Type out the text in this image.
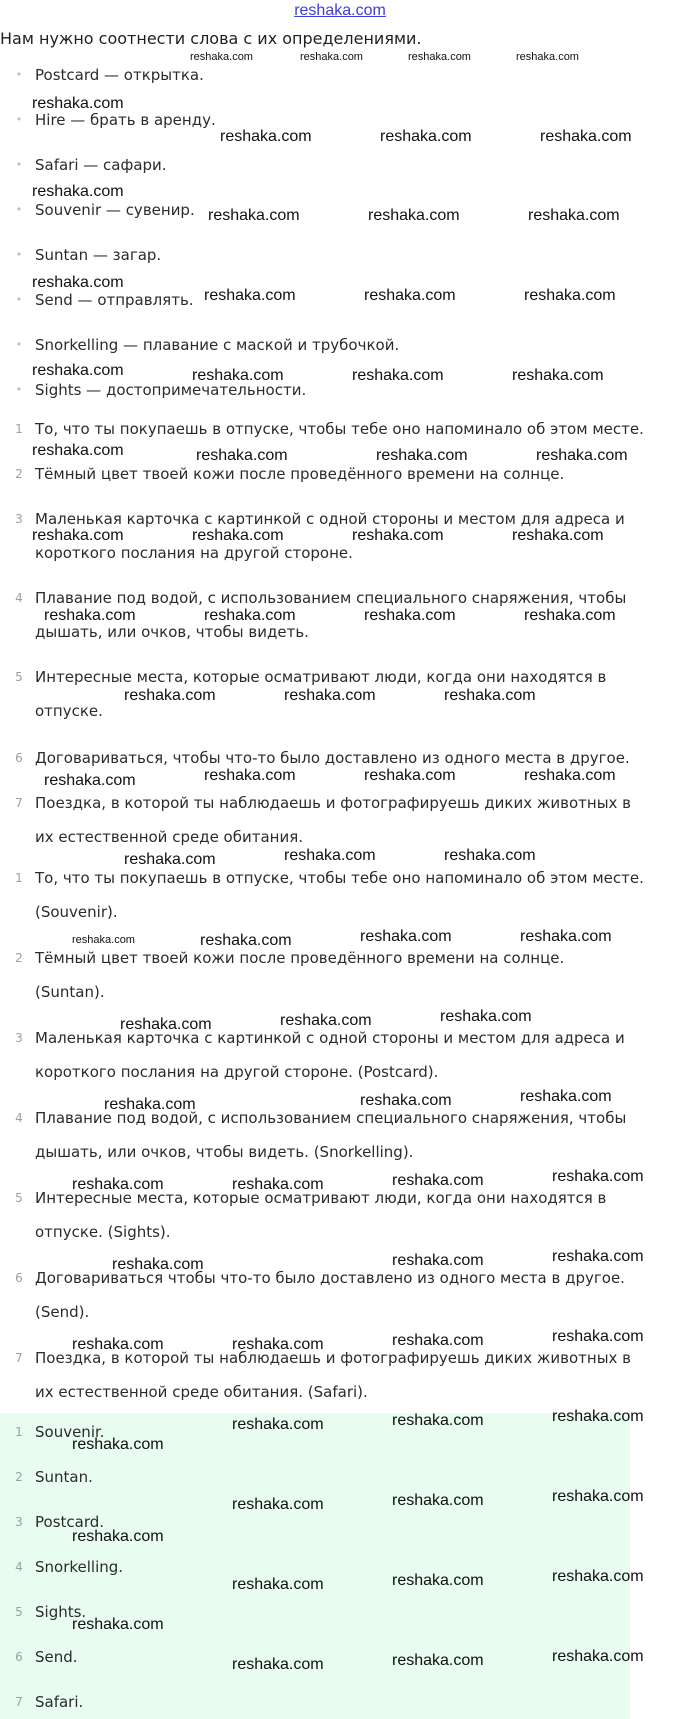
reshaka.com
Нам нужно соотнести слова с их определениями.
• Postcard — открытка.
• Hire — брать в аренду.
• Safari — сафари.
• Souvenir — сувенир.
• Suntan — загар.
• Send — отправлять.
• Snorkelling — плавание с маской и трубочкой.
• Sights — достопримечательности.
1 То, что ты покупаешь в отпуске, чтобы тебе оно напоминало об этом месте.
2 Тёмный цвет твоей кожи после проведённого времени на солнце.
3 Маленькая карточка с картинкой с одной стороны и местом для адреса и
короткого послания на другой стороне.
4 Плавание под водой, с использованием специального снаряжения, чтобы
дышать, или очков, чтобы видеть.
5 Интересные места, которые осматривают люди, когда они находятся в
отпуске.
6 Договариваться, чтобы что-то было доставлено из одного места в другое.
7 Поездка, в которой ты наблюдаешь и фотографируешь диких животных в
их естественной среде обитания.
1 То, что ты покупаешь в отпуске, чтобы тебе оно напоминало об этом месте.
(Souvenir).
2 Тёмный цвет твоей кожи после проведённого времени на солнце.
(Suntan).
3 Маленькая карточка с картинкой с одной стороны и местом для адреса и
короткого послания на другой стороне. (Postcard).
4 Плавание под водой, с использованием специального снаряжения, чтобы
дышать, или очков, чтобы видеть. (Snorkelling).
5 Интересные места, которые осматривают люди, когда они находятся в
отпуске. (Sights).
6 Договариваться чтобы что-то было доставлено из одного места в другое.
(Send).
7 Поездка, в которой ты наблюдаешь и фотографируешь диких животных в
их естественной среде обитания. (Safari).
1 Souvenir.
2 Suntan.
3 Postcard.
4 Snorkelling.
5 Sights.
6 Send.
7 Safari.
reshaka.com	reshaka.com	reshaka.com	reshaka.com
reshaka.com
reshaka.com	reshaka.com	reshaka.com
reshaka.com
reshaka.com	reshaka.com	reshaka.com
reshaka.com
reshaka.com	reshaka.com	reshaka.com
reshaka.com	reshaka.com	reshaka.com	reshaka.com
reshaka.com	reshaka.com	reshaka.com	reshaka.com
reshaka.com	reshaka.com	reshaka.com	reshaka.com
reshaka.com	reshaka.com	reshaka.com	reshaka.com
reshaka.com	reshaka.com	reshaka.com
reshaka.com	reshaka.com	reshaka.com	reshaka.com
reshaka.com	reshaka.com	reshaka.com
reshaka.com	reshaka.com	reshaka.com	reshaka.com
reshaka.com	reshaka.com	reshaka.com
reshaka.com	reshaka.com	reshaka.com
reshaka.com	reshaka.com	reshaka.com	reshaka.com
reshaka.com	reshaka.com	reshaka.com
reshaka.com	reshaka.com	reshaka.com	reshaka.com
reshaka.com
reshaka.com	reshaka.com	reshaka.com
reshaka.com	reshaka.com	reshaka.com
reshaka.com
reshaka.com	reshaka.com	reshaka.com
reshaka.com
reshaka.com	reshaka.com	reshaka.com
